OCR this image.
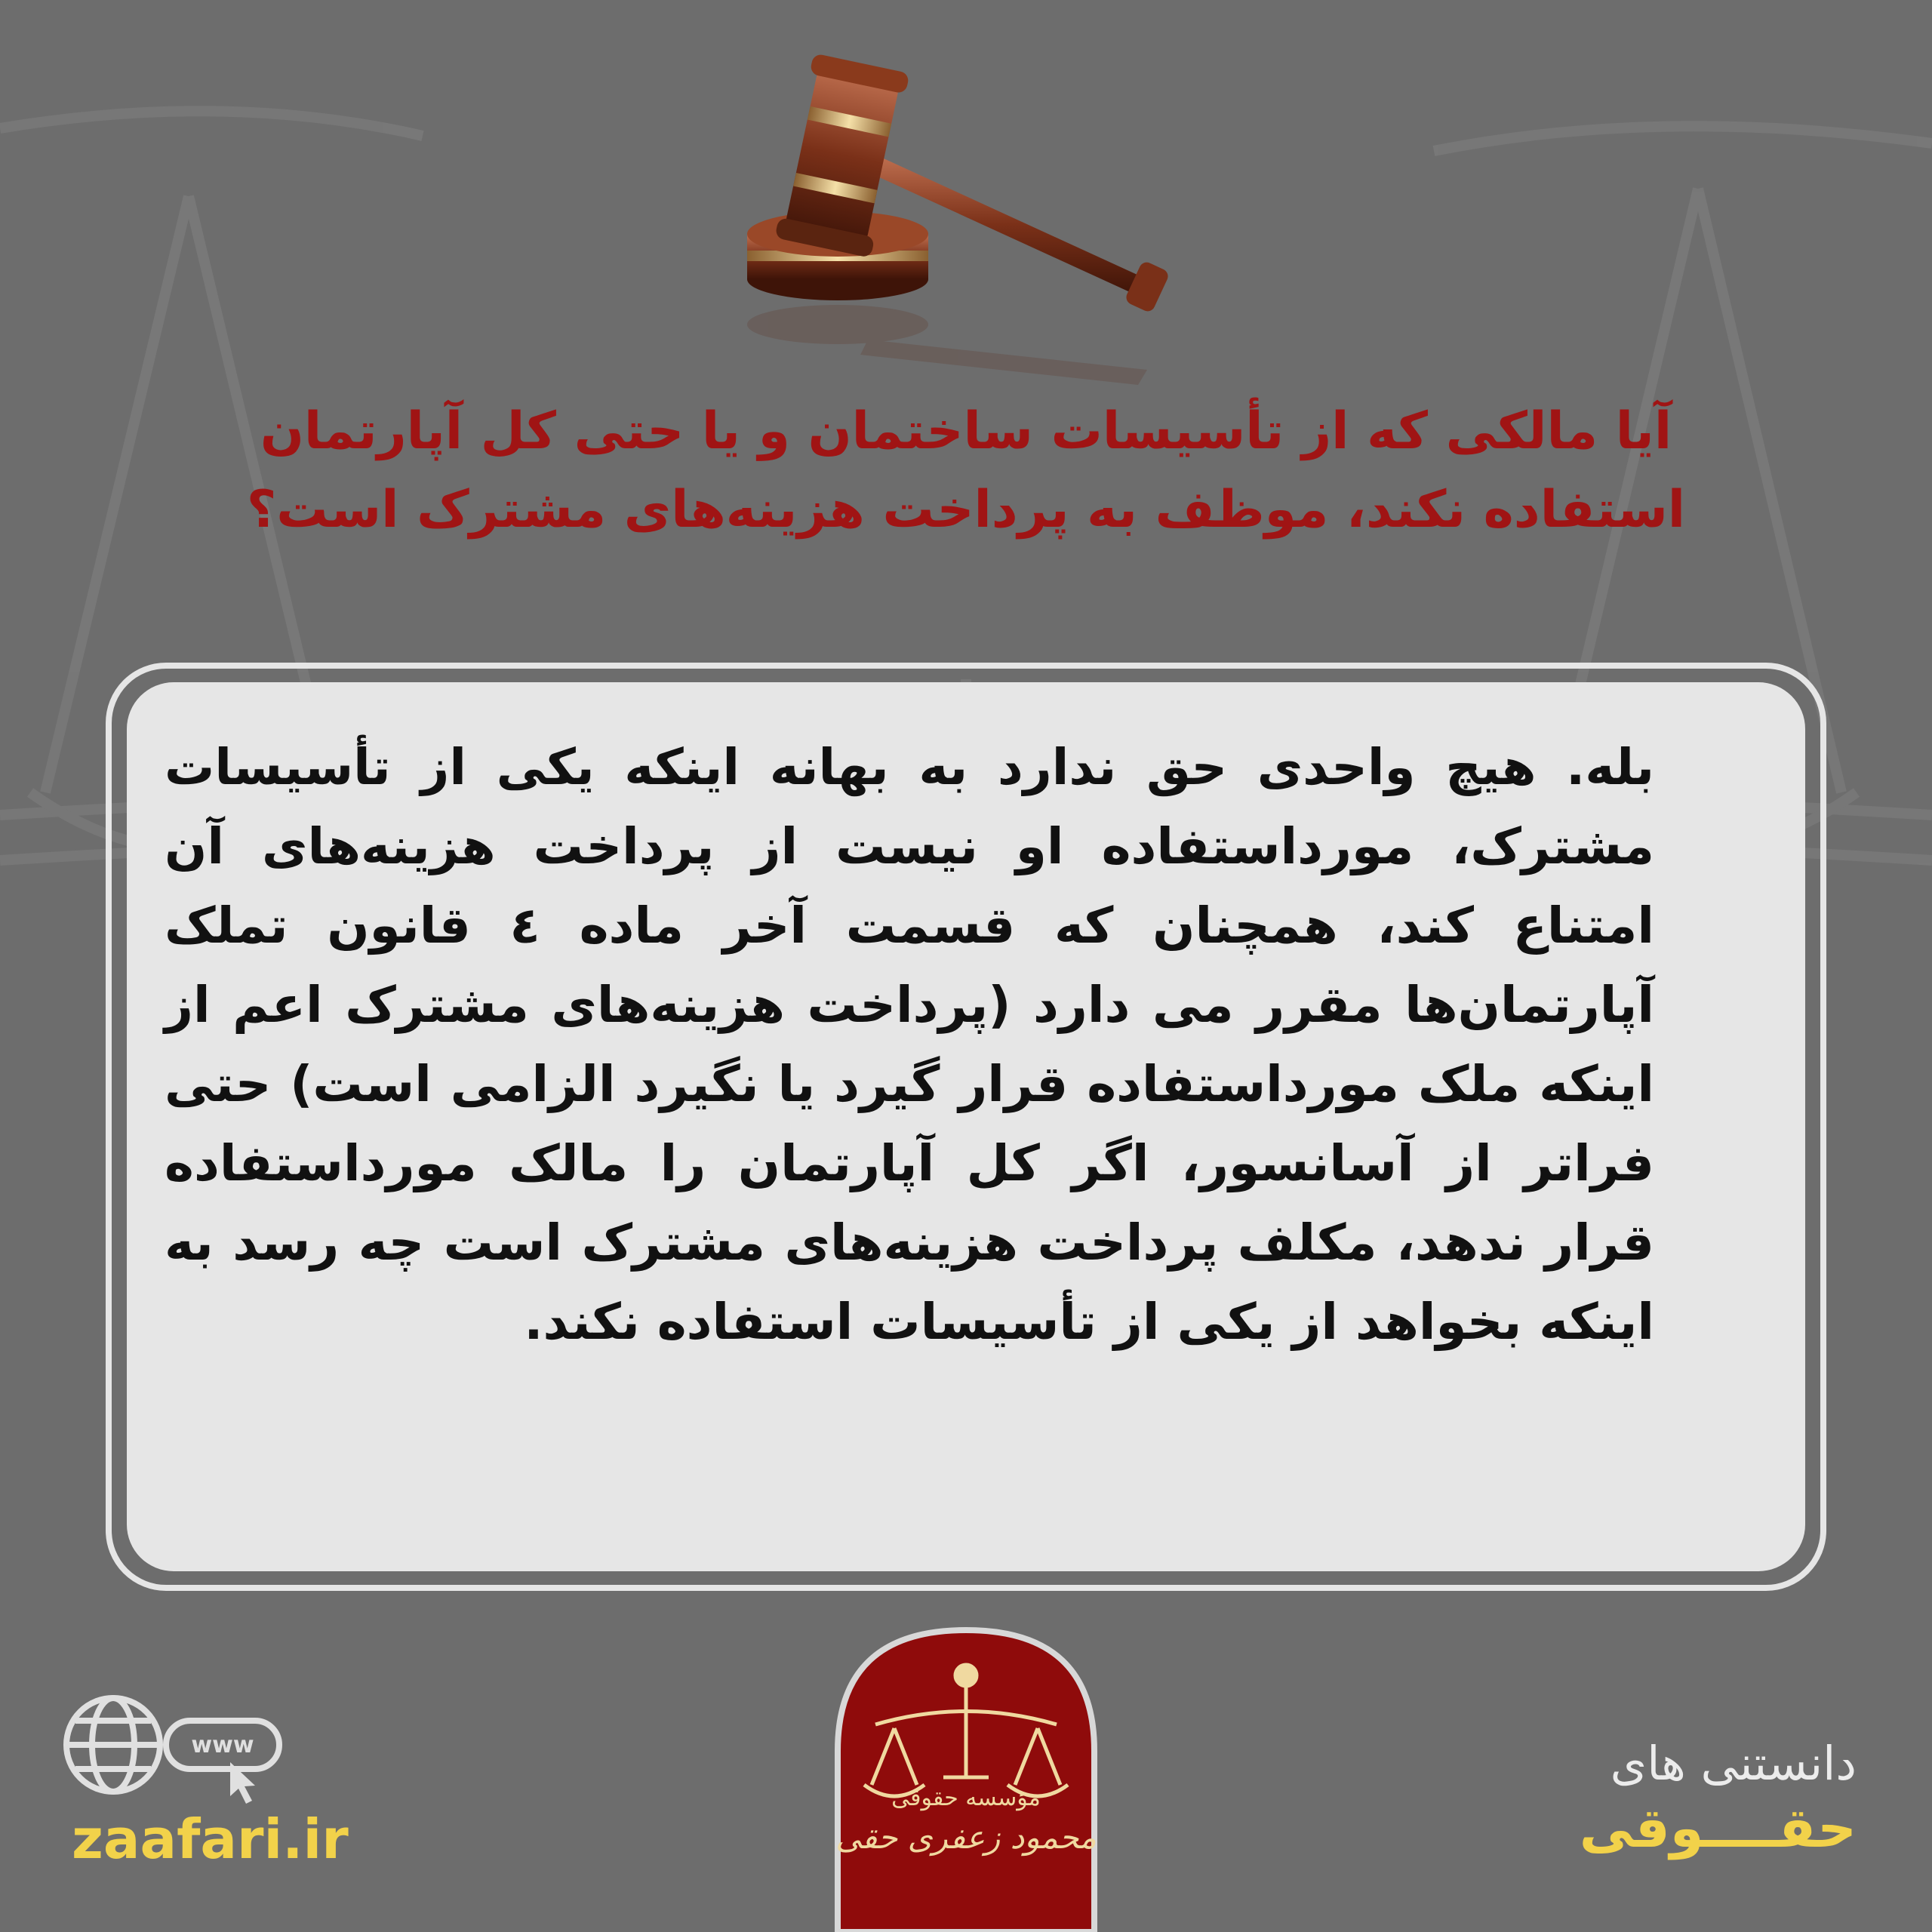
آیا مالکی که از تأسیسات ساختمان و یا حتی کل آپارتمان
استفاده نکند، موظف به پرداخت هزینه‌های مشترک است؟

بله. هیچ واحدی حق ندارد به بهانه اینکه یکی از تأسیسات مشترک، مورداستفاده او نیست از پرداخت هزینه‌های آن امتناع کند، همچنان که قسمت آخر ماده ٤ قانون تملک آپارتمان‌ها مقرر می دارد (پرداخت هزینه‌های مشترک اعم از اینکه ملک مورداستفاده قرار گیرد یا نگیرد الزامی است) حتی فراتر از آسانسور، اگر کل آپارتمان را مالک مورداستفاده قرار ندهد، مکلف پرداخت هزینه‌های مشترک است چه رسد به اینکه بخواهد از یکی از تأسیسات استفاده نکند.

مؤسسه حقوقی
محمود زعفری حقی
www
zaafari.ir
دانستنی های
حقــــوقی
